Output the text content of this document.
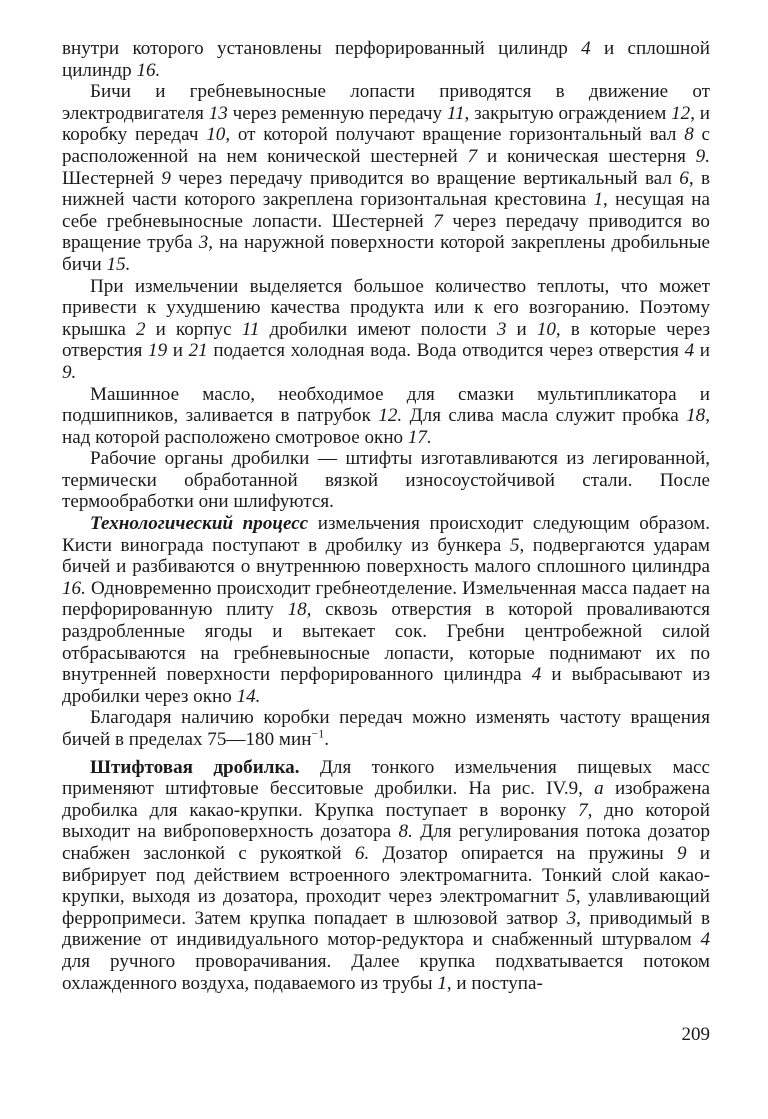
внутри которого установлены перфорированный цилиндр 4 и сплошной цилиндр 16.

Бичи и гребневыносные лопасти приводятся в движение от электродвигателя 13 через ременную передачу 11, закрытую ограждением 12, и коробку передач 10, от которой получают вращение горизонтальный вал 8 с расположенной на нем конической шестерней 7 и коническая шестерня 9. Шестерней 9 через передачу приводится во вращение вертикальный вал 6, в нижней части которого закреплена горизонтальная крестовина 1, несущая на себе гребневыносные лопасти. Шестерней 7 через передачу приводится во вращение труба 3, на наружной поверхности которой закреплены дробильные бичи 15.

При измельчении выделяется большое количество теплоты, что может привести к ухудшению качества продукта или к его возгоранию. Поэтому крышка 2 и корпус 11 дробилки имеют полости 3 и 10, в которые через отверстия 19 и 21 подается холодная вода. Вода отводится через отверстия 4 и 9.

Машинное масло, необходимое для смазки мультипликатора и подшипников, заливается в патрубок 12. Для слива масла служит пробка 18, над которой расположено смотровое окно 17.

Рабочие органы дробилки — штифты изготавливаются из легированной, термически обработанной вязкой износоустойчивой стали. После термообработки они шлифуются.

Технологический процесс измельчения происходит следующим образом. Кисти винограда поступают в дробилку из бункера 5, подвергаются ударам бичей и разбиваются о внутреннюю поверхность малого сплошного цилиндра 16. Одновременно происходит гребнеотделение. Измельченная масса падает на перфорированную плиту 18, сквозь отверстия в которой проваливаются раздробленные ягоды и вытекает сок. Гребни центробежной силой отбрасываются на гребневыносные лопасти, которые поднимают их по внутренней поверхности перфорированного цилиндра 4 и выбрасывают из дробилки через окно 14.

Благодаря наличию коробки передач можно изменять частоту вращения бичей в пределах 75—180 мин$^{-1}$.

Штифтовая дробилка. Для тонкого измельчения пищевых масс применяют штифтовые бесситовые дробилки. На рис. IV.9, а изображена дробилка для какао-крупки. Крупка поступает в воронку 7, дно которой выходит на виброповерхность дозатора 8. Для регулирования потока дозатор снабжен заслонкой с рукояткой 6. Дозатор опирается на пружины 9 и вибрирует под действием встроенного электромагнита. Тонкий слой какао-крупки, выходя из дозатора, проходит через электромагнит 5, улавливающий ферропримеси. Затем крупка попадает в шлюзовой затвор 3, приводимый в движение от индивидуального мотор-редуктора и снабженный штурвалом 4 для ручного проворачивания. Далее крупка подхватывается потоком охлажденного воздуха, подаваемого из трубы 1, и поступа-

209
